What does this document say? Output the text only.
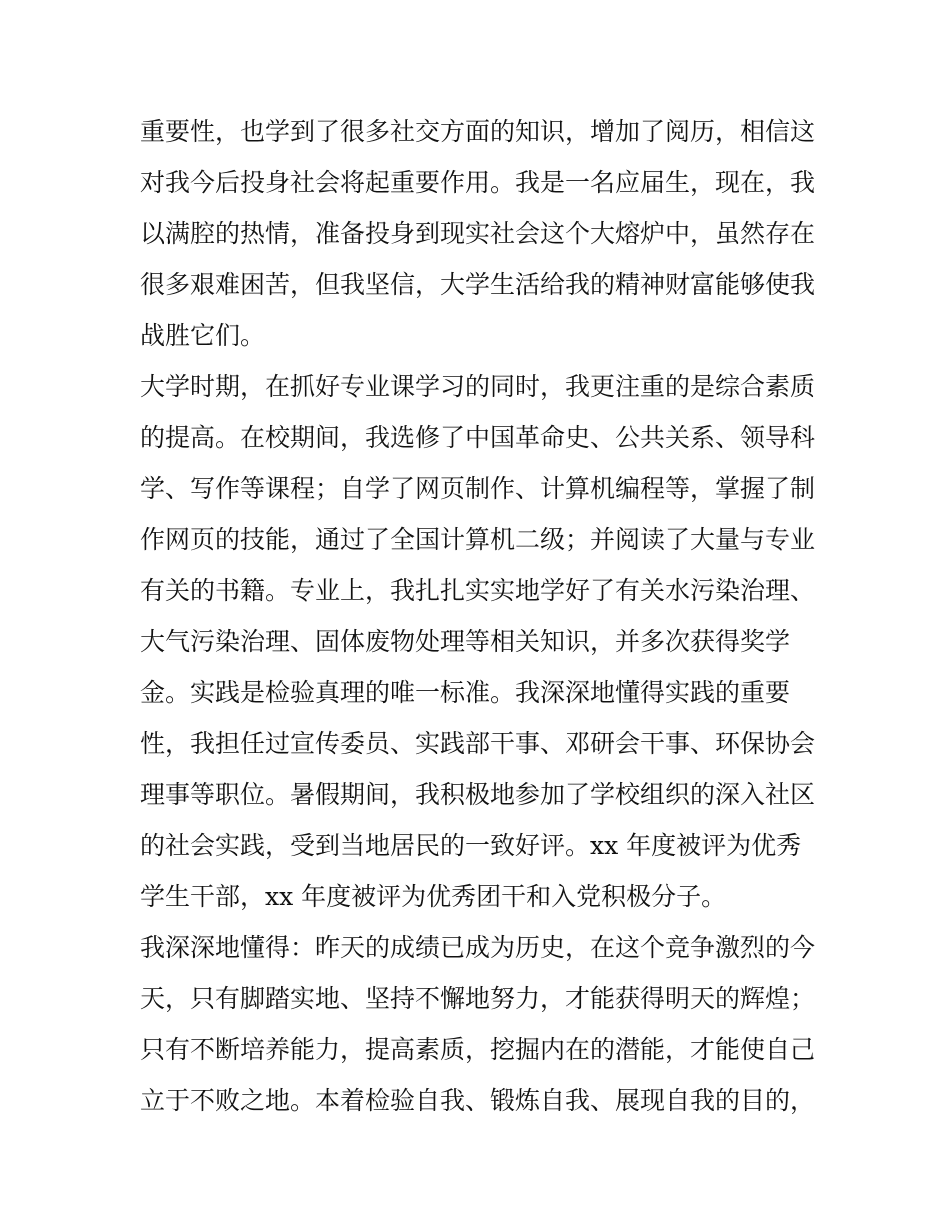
重要性，也学到了很多社交方面的知识，增加了阅历，相信这
对我今后投身社会将起重要作用。我是一名应届生，现在，我
以满腔的热情，准备投身到现实社会这个大熔炉中，虽然存在
很多艰难困苦，但我坚信，大学生活给我的精神财富能够使我
战胜它们。
大学时期，在抓好专业课学习的同时，我更注重的是综合素质
的提高。在校期间，我选修了中国革命史、公共关系、领导科
学、写作等课程；自学了网页制作、计算机编程等，掌握了制
作网页的技能，通过了全国计算机二级；并阅读了大量与专业
有关的书籍。专业上，我扎扎实实地学好了有关水污染治理、
大气污染治理、固体废物处理等相关知识，并多次获得奖学
金。实践是检验真理的唯一标准。我深深地懂得实践的重要
性，我担任过宣传委员、实践部干事、邓研会干事、环保协会
理事等职位。暑假期间，我积极地参加了学校组织的深入社区
的社会实践，受到当地居民的一致好评。xx 年度被评为优秀
学生干部，xx 年度被评为优秀团干和入党积极分子。
我深深地懂得：昨天的成绩已成为历史，在这个竞争激烈的今
天，只有脚踏实地、坚持不懈地努力，才能获得明天的辉煌；
只有不断培养能力，提高素质，挖掘内在的潜能，才能使自己
立于不败之地。本着检验自我、锻炼自我、展现自我的目的，
